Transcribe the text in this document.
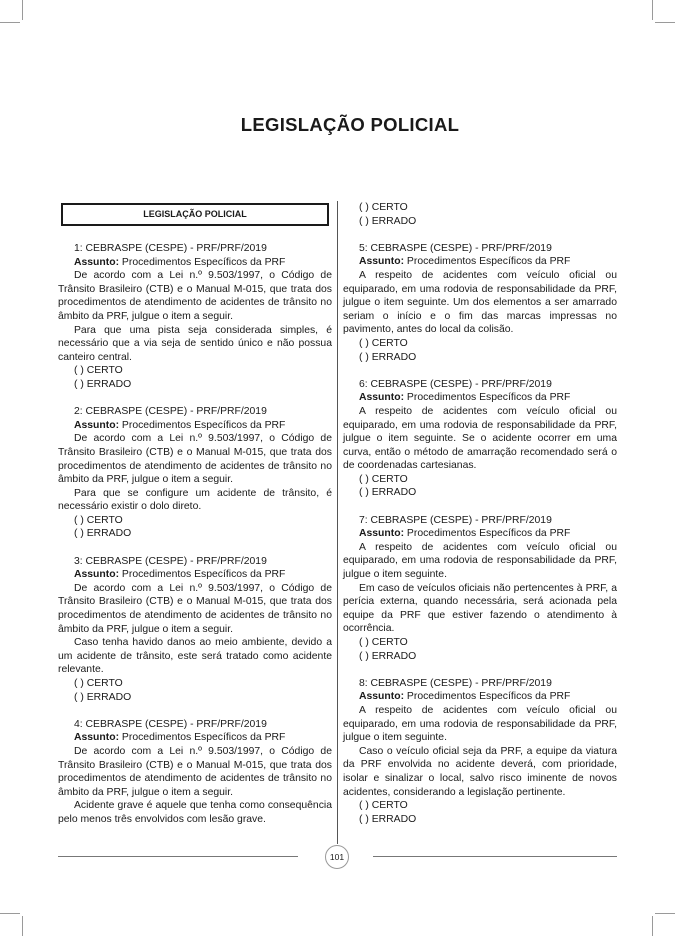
LEGISLAÇÃO POLICIAL
LEGISLAÇÃO POLICIAL

1: CEBRASPE (CESPE) - PRF/PRF/2019

Assunto: Procedimentos Específicos da PRF

De acordo com a Lei n.º 9.503/1997, o Código de Trânsito Brasileiro (CTB) e o Manual M-015, que trata dos procedimentos de atendimento de acidentes de trânsito no âmbito da PRF, julgue o item a seguir.

Para que uma pista seja considerada simples, é necessário que a via seja de sentido único e não possua canteiro central.

( ) CERTO

( ) ERRADO

2: CEBRASPE (CESPE) - PRF/PRF/2019

Assunto: Procedimentos Específicos da PRF

De acordo com a Lei n.º 9.503/1997, o Código de Trânsito Brasileiro (CTB) e o Manual M-015, que trata dos procedimentos de atendimento de acidentes de trânsito no âmbito da PRF, julgue o item a seguir.

Para que se configure um acidente de trânsito, é necessário existir o dolo direto.

( ) CERTO

( ) ERRADO

3: CEBRASPE (CESPE) - PRF/PRF/2019

Assunto: Procedimentos Específicos da PRF

De acordo com a Lei n.º 9.503/1997, o Código de Trânsito Brasileiro (CTB) e o Manual M-015, que trata dos procedimentos de atendimento de acidentes de trânsito no âmbito da PRF, julgue o item a seguir.

Caso tenha havido danos ao meio ambiente, devido a um acidente de trânsito, este será tratado como acidente relevante.

( ) CERTO

( ) ERRADO

4: CEBRASPE (CESPE) - PRF/PRF/2019

Assunto: Procedimentos Específicos da PRF

De acordo com a Lei n.º 9.503/1997, o Código de Trânsito Brasileiro (CTB) e o Manual M-015, que trata dos procedimentos de atendimento de acidentes de trânsito no âmbito da PRF, julgue o item a seguir.

Acidente grave é aquele que tenha como consequência pelo menos três envolvidos com lesão grave.

( ) CERTO

( ) ERRADO

5: CEBRASPE (CESPE) - PRF/PRF/2019

Assunto: Procedimentos Específicos da PRF

A respeito de acidentes com veículo oficial ou equiparado, em uma rodovia de responsabilidade da PRF, julgue o item seguinte. Um dos elementos a ser amarrado seriam o início e o fim das marcas impressas no pavimento, antes do local da colisão.

( ) CERTO

( ) ERRADO

6: CEBRASPE (CESPE) - PRF/PRF/2019

Assunto: Procedimentos Específicos da PRF

A respeito de acidentes com veículo oficial ou equiparado, em uma rodovia de responsabilidade da PRF, julgue o item seguinte. Se o acidente ocorrer em uma curva, então o método de amarração recomendado será o de coordenadas cartesianas.

( ) CERTO

( ) ERRADO

7: CEBRASPE (CESPE) - PRF/PRF/2019

Assunto: Procedimentos Específicos da PRF

A respeito de acidentes com veículo oficial ou equiparado, em uma rodovia de responsabilidade da PRF, julgue o item seguinte.

Em caso de veículos oficiais não pertencentes à PRF, a perícia externa, quando necessária, será acionada pela equipe da PRF que estiver fazendo o atendimento à ocorrência.

( ) CERTO

( ) ERRADO

8: CEBRASPE (CESPE) - PRF/PRF/2019

Assunto: Procedimentos Específicos da PRF

A respeito de acidentes com veículo oficial ou equiparado, em uma rodovia de responsabilidade da PRF, julgue o item seguinte.

Caso o veículo oficial seja da PRF, a equipe da viatura da PRF envolvida no acidente deverá, com prioridade, isolar e sinalizar o local, salvo risco iminente de novos acidentes, considerando a legislação pertinente.

( ) CERTO

( ) ERRADO

101
